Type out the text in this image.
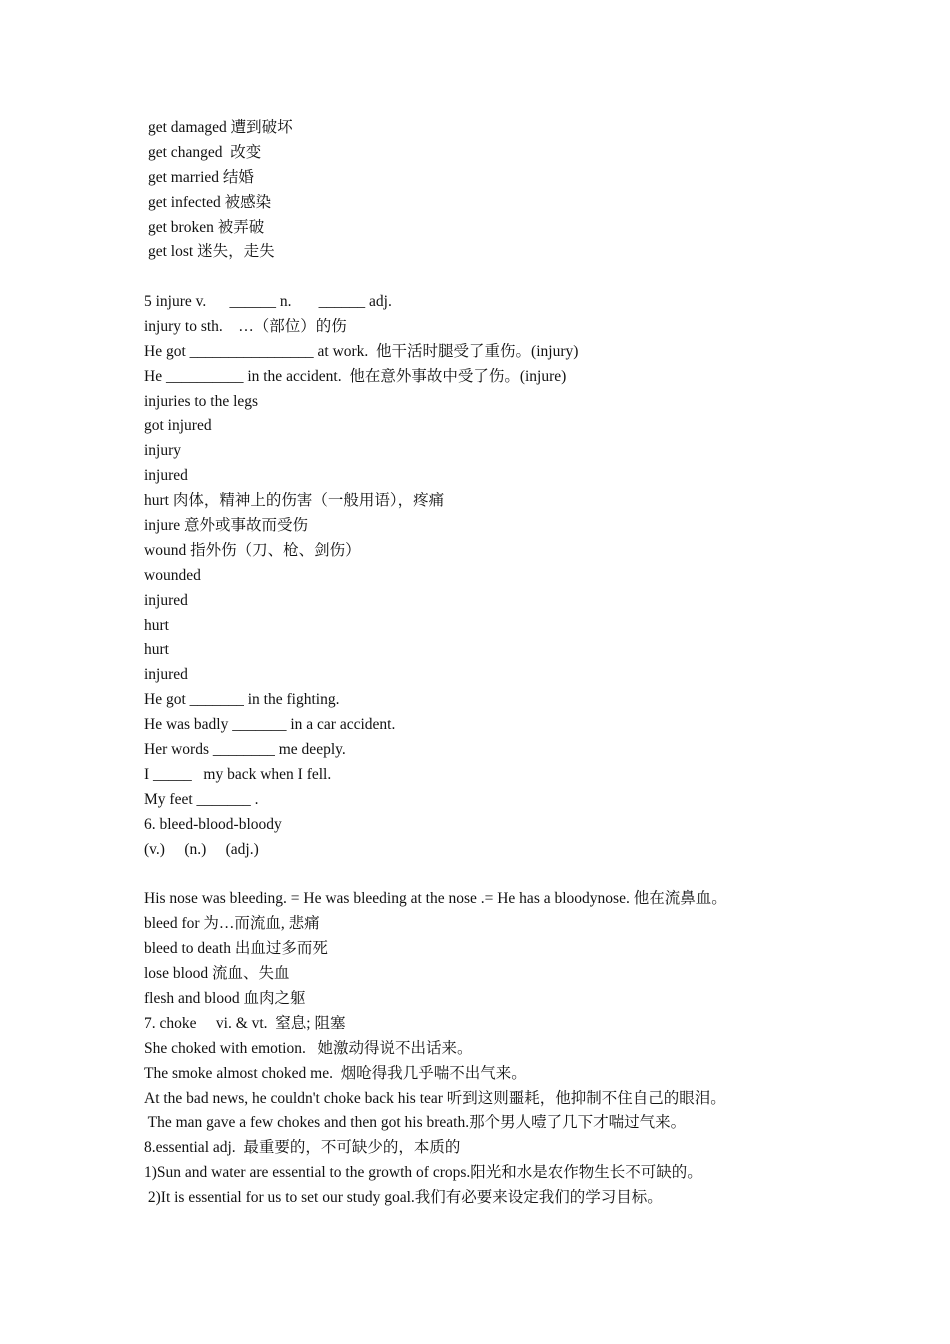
get damaged 遭到破坏
get changed  改变
get married 结婚
get infected 被感染
get broken 被弄破
get lost 迷失，走失
5 injure v.      ______ n.       ______ adj.
injury to sth.    …（部位）的伤
He got ________________ at work.  他干活时腿受了重伤。(injury)
He __________ in the accident.  他在意外事故中受了伤。(injure)
injuries to the legs
got injured
injury
injured
hurt 肉体，精神上的伤害（一般用语），疼痛
injure 意外或事故而受伤
wound 指外伤（刀、枪、剑伤）
wounded
injured
hurt
hurt
injured
He got _______ in the fighting.
He was badly _______ in a car accident.
Her words ________ me deeply.
I _____   my back when I fell.
My feet _______ .
6. bleed-blood-bloody
(v.)     (n.)     (adj.)
His nose was bleeding. = He was bleeding at the nose .= He has a bloodynose. 他在流鼻血。
bleed for 为…而流血, 悲痛
bleed to death 出血过多而死
lose blood 流血、失血
flesh and blood 血肉之躯
7. choke     vi. & vt.  窒息; 阻塞
She choked with emotion.   她激动得说不出话来。
The smoke almost choked me.  烟呛得我几乎喘不出气来。
At the bad news, he couldn't choke back his tear 听到这则噩耗，他抑制不住自己的眼泪。
The man gave a few chokes and then got his breath.那个男人噎了几下才喘过气来。
8.essential adj.  最重要的，不可缺少的，本质的
1)Sun and water are essential to the growth of crops.阳光和水是农作物生长不可缺的。
2)It is essential for us to set our study goal.我们有必要来设定我们的学习目标。
